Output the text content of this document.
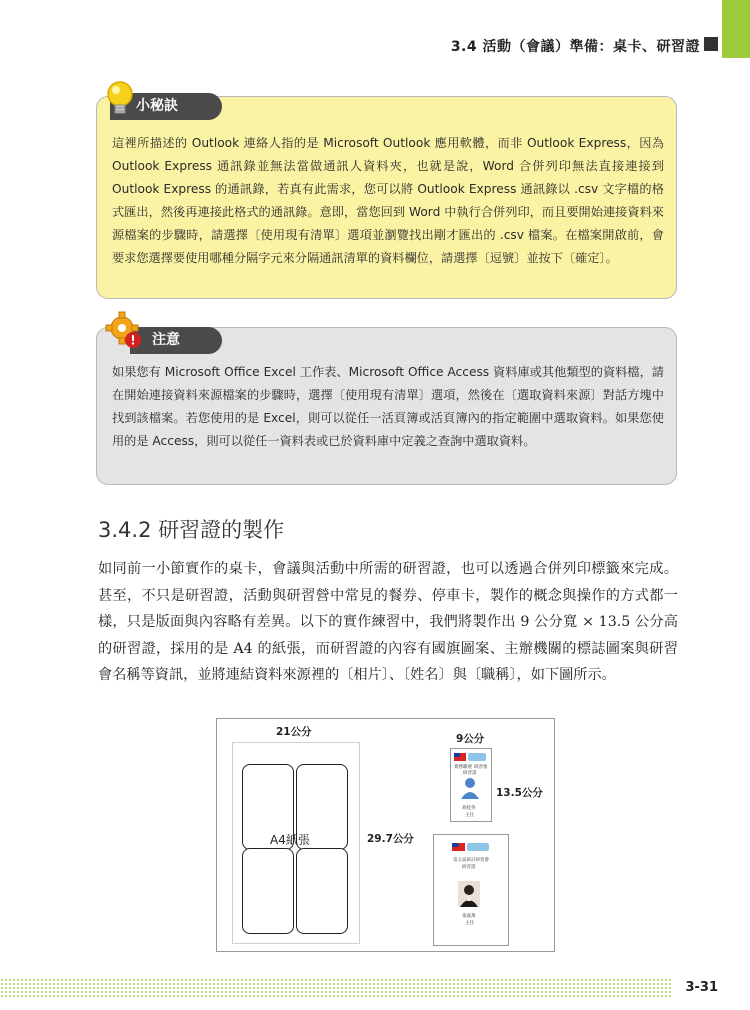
3.4 活動（會議）準備：桌卡、研習證
小秘訣
這裡所描述的 Outlook 連絡人指的是 Microsoft Outlook 應用軟體，而非 Outlook Express，因為 Outlook Express 通訊錄並無法當做通訊人資料夾，也就是說，Word 合併列印無法直接連接到 Outlook Express 的通訊錄，若真有此需求，您可以將 Outlook Express 通訊錄以 .csv 文字檔的格式匯出，然後再連接此格式的通訊錄。意即，當您回到 Word 中執行合併列印，而且要開始連接資料來源檔案的步驟時，請選擇〔使用現有清單〕選項並瀏覽找出剛才匯出的 .csv 檔案。在檔案開啟前，會要求您選擇要使用哪種分隔字元來分隔通訊清單的資料欄位，請選擇〔逗號〕並按下〔確定〕。
注意
如果您有 Microsoft Office Excel 工作表、Microsoft Office Access 資料庫或其他類型的資料檔，請在開始連接資料來源檔案的步驟時，選擇〔使用現有清單〕選項，然後在〔選取資料來源〕對話方塊中找到該檔案。若您使用的是 Excel，則可以從任一活頁簿或活頁簿內的指定範圍中選取資料。如果您使用的是 Access，則可以從任一資料表或已於資料庫中定義之查詢中選取資料。
3.4.2 研習證的製作
如同前一小節實作的桌卡，會議與活動中所需的研習證，也可以透過合併列印標籤來完成。甚至，不只是研習證，活動與研習營中常見的餐券、停車卡，製作的概念與操作的方式都一樣，只是版面與內容略有差異。以下的實作練習中，我們將製作出 9 公分寬 × 13.5 公分高的研習證，採用的是 A4 的紙張，而研習證的內容有國旗圖案、主辦機關的標誌圖案與研習會名稱等資訊，並將連結資料來源裡的〔相片〕、〔姓名〕與〔職稱〕，如下圖所示。
21公分
A4紙張	29.7公分
9公分
13.5公分
實務聯展 研習會
研習證
胡桂英
主任
第五屆研討研習會
研習證
張嘉萬
主任
3-31
